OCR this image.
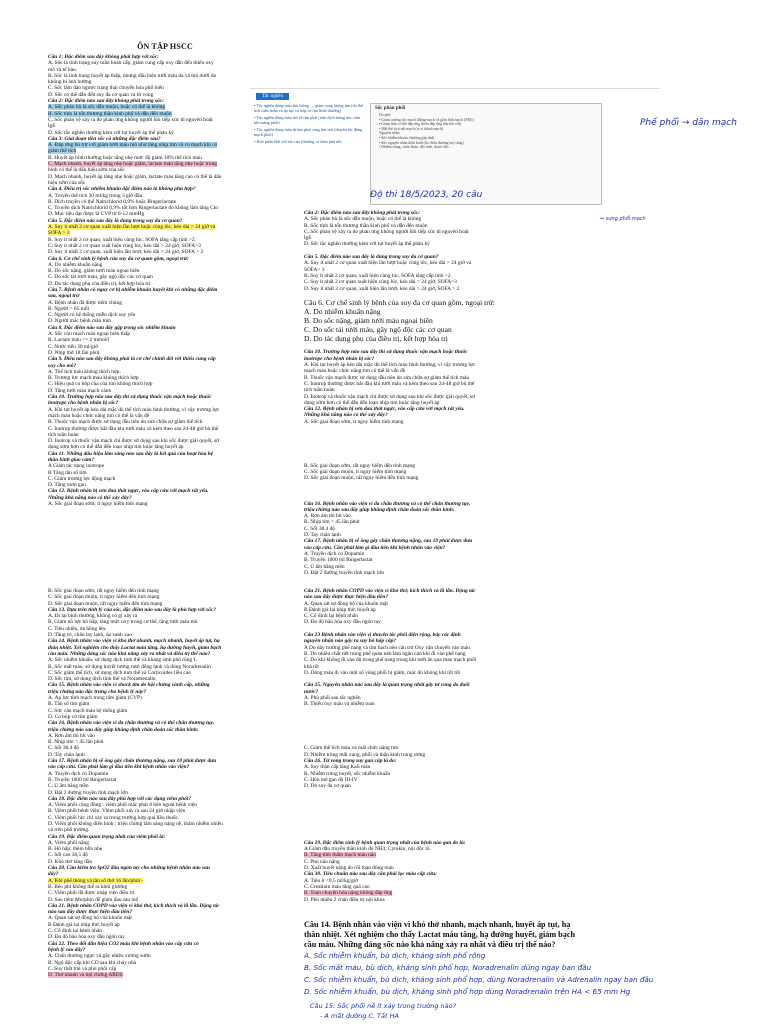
ÔN TẬP HSCC
Câu 1: Đặc điểm sau đây không phải hợp với sốc:
A. Sốc là tình trạng suy tuần hoàn cấp, giảm cung cấp oxy dẫn đến thiếu oxy
mô và tế bào.
B. Sốc là tình trạng huyết áp thấp, nhưng dấu hiệu tưới máu da và mô dưới da
không bị ảnh hưởng
C. Sốc làm đảo ngược trạng thái chuyển hóa phổ biến
D. Sốc có thể dẫn đến suy đa cơ quan và tử vong
Câu 2: Đặc điểm nào sau đây không phải trong sốc:
A. Sốc phản bù là sốc dẫn muộn, hoặc có thể là không
B. Sốc tính là tổn thương thần kinh phổ và dẫn đến muộn
C. Sốc phản vệ xảy ra do phản ứng không người khi tiếp xúc dị nguyên hoặc
lgE
D. Sốc tắc nghẽn thường kèm với tụt huyết áp thể phân kỳ
Câu 3: Giai đoạn tiền sốc có những đặc điểm sau?
A. Đáp ứng bù trừ với giảm tưới máu mô như tăng nhịp tim và co mạch khi có
giảm thể tích
B. Huyết áp bình thường hoặc tăng nhẹ mức độ giảm 10% thể tích máu
C. Mạch nhanh, huyết áp tăng nhẹ hoặc giảm, lactate máu tăng nhẹ hoặc trung
bình có thể là dấu hiệu sớm của sốc
D. Mạch nhanh, huyết áp tăng nhẹ hoặc giảm, lactate máu tăng cao có thể là dấu
hiệu sớm của sốc
Câu 4. Điều trị sốc nhiễm khuẩn đặc điểm nào là không phù hợp?
A. Truyền thể tích 30 ml/kg trong 3 giờ đầu
B. Dịch truyền có thể Natrichlorid 0,9% hoặc Ringerlactate
C. Truyền dịch Natrichlorid 0,9% tốt hơn Ringerlactate do không làm tăng Clo
D. Mục tiêu đạt được là CVP từ 8-12 mmHg
Câu 5. Đặc điểm nào sau đây là đúng trong suy đa cơ quan?
A. Suy ít nhất 2 cơ quan xuất hiện lần lượt hoặc cùng lúc, kéo dài > 24 giờ và
SOFA > 3
B. Suy ít nhất 2 cơ quan, xuất hiện cùng lúc, SOFA tăng cấp tính >2.
C. Suy ít nhất 2 cơ quan xuất hiện cùng lúc, kéo dài > 24 giờ, SOFA>3
D. Suy ít nhất 2 cơ quan, xuất hiện lần lượt, kéo dài > 24 giờ, SOFA > 2
Câu 6. Cơ chế sinh lý bệnh của suy đa cơ quan gồm, ngoại trừ:
A. Do nhiễm khuẩn nặng
B. Do sốc nặng, giảm tưới máu ngoại biên
C. Do sốc tái tưới máu, gây ngộ độc các cơ quan
D. Do tác dụng phụ của điều trị, kết hợp hóa trị
Câu 7. Bệnh nhân có nguy cơ bị nhiễm khuẩn huyết khi có những đặc điểm
sau, ngoại trừ
A. Bệnh nhân đã được tiêm chủng
B. Người > 65 tuổi
C. Người có hệ thống miễn dịch suy yếu
D. Người mắc bệnh mãn tính
Câu 8. Đặc điểm nào sau đây gặp trong sốc nhiễm khuẩn
A. Sốc còn mạch máu ngoại biên thấp
B. Lactate máu >= 2 mmol/l
C. Nước tiểu 30 ml/giờ
D. Nhịp thở 18 lần phút
Câu 9. Điều nào sau đây không phải là cơ chế chính đối với thiếu cung cấp
oxy cho mô?
A. Thể tích máu không thích hợp.
B. Trương lực mạch máu không thích hợp
C. Hiệu quả co bóp của của tim không thích hợp
D. Tăng tưới máu mạch vành
Câu 10. Trường hợp nào sau đây thì sử dụng thuốc vận mạch hoặc thuốc
inotrope cho bệnh nhân bị sốc?
A. Khi tụt huyết áp kéo dài mặc dù thể tích máu bình thường, vì vậy trương lực
mạch máu hoặc chức năng tim có thể là vấn đề
B. Thuốc vận mạch được sử dụng đầu tiên do sửa chữa sự giảm thể tích
C. Inotrop thường được bắt đầu khi tưới máu và kèm theo sau 24-48 giờ bù thể
tích tuần hoàn
D. Inotrop và thuốc vận mạch chỉ được sử dụng sau khi sốc được giải quyết, sử
dụng sớm hơn có thể dẫn đến loạn nhịp tim hoặc tăng huyết áp
Câu 11. Những dấu hiệu lâm sàng nào sau đây là kết quả của hoạt hóa hệ
thần kinh giao cảm?
A Giảm tác dụng inotrope
B Tăng tần số tim
C. Giảm trương lực động mạch
D. Tăng mơn gan
Câu 12. Bệnh nhân bị sơn đau thắt ngực, vào cấp cứu với mạch rất yếu.
Những khả năng nào có thể xảy đây?
A. Sốc giai đoạn sớm, ít nguy hiểm tính mạng
Tắc nghẽn
• Tắc nghẽn dòng máu lưu thông → giảm cung lượng tim (do thể tích tuần hoàn và áp lực co bóp cơ tim bình thường)
• Tắc nghẽn dòng máu trở về tim phải (tràn dịch màng tim, tràn khí màng phổi)
• Tắc nghẽn dòng máu từ tim phải sang tim trái (thuyên tắc động mạch phổi)
• Khó phân biệt với sốc tim (thường có kèm phù nề)
Sốc phân phối
Do phế:
• Giảm trương lực mạch (động mạch và giãn tĩnh mạch (NM))
• Giảm tính cơ thể đáp ứng (kém đáp ứng hầu hết với)
• Mất thể tích nội mạch (rò rỉ thành mạch)
Nguyên nhân:
• Sốc nhiễm khuẩn, thường gặp nhất
• Sốc nguyên nhân thần kinh (do chấn thương tuỷ sống)
• Nhiễm trùng, chẩn đoán, độc tính, thuốc độc…
Phế phổi → dãn mạch
Độ thi 18/5/2023, 20 câu
↔ sưng phổi mạch
Câu 2: Đặc điểm nào sau đây không phải trong sốc:
A. Sốc phản bù là sốc dẫn muộn, hoặc có thể là không
B. Sốc tính là tổn thương thần kinh phổ và dẫn đến muộn
C. Sốc phản vệ xảy ra do phản ứng không người khi tiếp xúc dị nguyên hoặc
lgE
D. Sốc tắc nghẽn thường kèm với tụt huyết áp thể phân kỳ

Câu 5. Đặc điểm nào sau đây là đúng trong suy đa cơ quan?
A. Suy ít nhất 2 cơ quan xuất hiện lần lượt hoặc cùng lúc, kéo dài > 24 giờ và
SOFA> 3
B. Suy ít nhất 2 cơ quan, xuất hiện cùng lúc, SOFA tăng cấp tính >2.
C. Suy ít nhất 2 cơ quan xuất hiện cùng lúc, kéo dài > 24 giờ, SOFA>3
D. Suy ít nhất 2 cơ quan, xuất hiện lần lượt, kéo dài > 24 giờ, SOFA > 2

Câu 6. Cơ chế sinh lý bệnh của suy đa cơ quan gồm, ngoại trừ:
A. Do nhiễm khuẩn nặng
B. Do sốc nặng, giảm tưới máu ngoại biên
C. Do sốc tái tưới máu, gây ngộ độc các cơ quan
D. Do tác dụng phụ của điều trị, kết hợp hóa trị

Câu 10. Trường hợp nào sau đây thì sử dụng thuốc vận mạch hoặc thuốc
inotrope cho bệnh nhân bị sốc?
A. Khi tụt huyết áp kéo dài mặc dù thể tích máu bình thường, vì vậy trương lực
mạch máu hoặc chức năng tim có thể là vấn đề
B. Thuốc vận mạch được sử dụng đầu tiên do sửa chữa sự giảm thể tích máu
C. Inotrop thường được bắt đầu khi tưới máu và kèm theo sau 24-48 giờ bù thể
tích tuần hoàn
D. Inotrop và thuốc vận mạch chỉ được sử dụng sau khi sốc được giải quyết, sử
dụng sớm hơn có thể dẫn đến loạn nhịp tim hoặc tăng huyết áp
Câu 12. Bệnh nhân bị sơn đau thắt ngực, vào cấp cứu với mạch rất yếu.
Những khả năng nào có thể xảy đây?
A. Sốc giai đoạn sớm, ít nguy hiểm tính mạng

B. Sốc giai đoạn sớm, rất nguy hiểm đến tính mạng
C. Sốc giai đoạn muộn, ít nguy hiểm tính mạng
D. Sốc giai đoạn muộn, rất nguy hiểm đến tính mạng

Câu 16. Bệnh nhân vào viện vì đa chấn thương và có thể chấn thương tụy,
triệu chứng nào sau đây giúp khẳng định chẩn đoán sốc thần kinh:
A. Rơn âm thì hít vào
B. Nhịp tim < 45 lần phút
C. Sốt 38,4 độ
D. Tay chân lạnh
Câu 17. Bệnh nhân bị sẽ ông gây chấn thương nặng, sau 10 phút được đưa
vào cấp cứu. Cần phải làm gì đầu tiên khi bệnh nhân vào viện?
A. Truyền dịch có Dopamin
B. Truyền 1000 ml Ringerlactat
C. Ủ ấm bằng mền
D. Đặt 2 đường truyền tĩnh mạch lớn
B. Sốc giai đoạn sớm, rất nguy hiểm đến tính mạng
C. Sốc giai đoạn muộn, ít nguy hiểm đến tính mạng
D. Sốc giai đoạn muộn, rất nguy hiểm đến tính mạng
Câu 13. Dựa trên tính lý của sốc, đặc điểm nào sau đây là phù hợp với sốc?
A. Đi lại bình thường, không có gì xảy ra
B, Giảm nồ lực hô hấp, tăng mức oxy trong cơ thể, tăng tưới máu mô
C. Tiêu nhiều, da hồng lên.
D. Tăng tri, chân tay lạnh, da xanh xao
Câu 14. Bệnh nhân vào viện vì khó thở nhanh, mạch nhanh, huyết áp tụt, hạ
thân nhiệt. Xét nghiệm cho thấy Lactat máu tăng, hạ đường huyết, giảm bạch
cầu máu. Những đáng sốc nào khả năng xảy ra nhất và điều trị thế nào?
A. Sốc nhiễm khuẩn, sử dụng dịch tinh thể và kháng sinh phổ rộng L
B, Sốc mất máu, sử dụng huyết tương tươi đông lạnh và dùng Noradrenalin
C. Sốc giảm thể tích, sử dụng dịch tinh thể và Corticoides liều cao
D. Sốc tim, sử dụng dịch tinh thể và Noradrenalin
Câu 15. Bệnh nhân vào viện vì shock tim do hội chứng vành cấp, những
triệu chứng nào đặc trưng cho bệnh lý này?
A. Áp lực tĩnh mạch trung tâm giảm (CVP)
B. Tần số tim giảm
C. Sức cản mạch máu hệ thống giảm
D. Co bóp cơ tim giảm
Câu 16. Bệnh nhân vào viện vì đa chấn thương và có thể chấn thương tụy,
triệu chứng nào sau đây giúp khẳng định chẩn đoán sốc thần kinh:
A. Rơn âm thì hít vào
B. Nhịp tim < 45 lần phút
C. Sốt 38,4 độ
D. Tay chân lạnh
Câu 17. Bệnh nhân bị sẽ ông gây chấn thương nặng, sau 10 phút được đưa
vào cấp cứu. Cần phải làm gì đầu tiên khi bệnh nhân vào viện?
A. Truyền dịch có Dopamin
B. Truyền 1000 ml Ringerlactat
C. Ủ ấm bằng mền
D. Đặt 2 đường truyền tĩnh mạch lớn
Câu 18. Đặc điểm nào sau đây phù hợp với các dạng viêm phổi?
A. Viêm phổi cộng đồng : viêm phổi mắc phải ở bên ngoài bệnh viện
B. Viêm phổi bệnh viện: Viêm phổi xảy ra sau 24 giờ nhập viện
C. Viêm phổi hít: chỉ xảy ra trong trường hợp quá liều thuốc.
D. Viêm phổi không điển hình : triệu chứng lâm sàng nặng nề, thâm nhiễm nhiều
và trên phổ trường.
Câu 19. Đặc điểm quan trọng nhất của viêm phổi là:
A. Viêm phổi nặng
B. Hô hấp: thêm hỗn nhẹ
C. Sốt cao 38,5 độ
D. Khó thở tăng dần
Câu 20. Cần kiểm tra SpO2 đầu ngón tay cho những bệnh nhân nào sau
đây?
A. Khi phế thông và tần số thở 16 lần/phút -
B. Béo phì không thể ra khỏi giường
C. Viêm phổi đã được nhập viện điều trị
D. Sau tiêm Morphin để giảm đau sau mổ
Câu 21. Bệnh nhân COPD vào viện vì khó thở, kích thích và lẫ lẫn. Động tác
nào sau đây được thực hiện đầu tiên?
A. Quan sát sự đồng bộ của khuôn mặt
B Đánh giá lại nhịp thở, huyết áp
C. Cố định lại bệnh nhân
D. Đo độ bão hòa oxy đầu ngón tay
Câu 22. Theo dõi dẫn hiệu CO2 máu khi bệnh nhân vào cấp cứu có
bệnh lý sau đây?
A. Chấn thương ngực và gây nhiều xương sườn
B. Ngộ độc cấp khi CO sau khi cháy nhà
C. Suy thất trái và phù phổi cấp
D. Thở nhanh và hội chứng ARDS
Câu 21. Bệnh nhân COPD vào viện vì khó thở, kích thích và lẫ lẫn. Động tác
nào sau đây được thực hiện đầu tiên?
A. Quan sát sự đồng bộ của khuôn mặt
B Đánh giá lại nhịp thở, huyết áp
C. Cố định lại bệnh nhân
D. Đo độ bão hòa oxy đầu ngón tay

Câu 23 Bệnh nhân vào viện vì thuyên tắc phổi diện rộng, bây các định
nguyên nhân nào gây ra suy hô hấp cấp?
A Do dây trướng phế nang và tim bạch nên cản trở Oxy vận chuyển vào máu
B. Do nhiều chất tiết trong phế quản nên làm ngăn cản khí đi vào phế nang
C. Do khí không đi vào đủ trong phế nang trong khi tưới ăn qua mao mạch phổi
khả tốt
D. Dòng máu đi vào một số vùng phổi bị giảm, mặc dù không khí tốt tốt

Câu 25. Nguyên nhân nào sau đây là quan trọng nhất gây tử vong do đuối
nước?
A. Phù phổi sau tắc nghẽn
B. Thiếu oxy máu và nhiễm toan

C. Giảm thể tích máu và mất chức năng tim
D. Nhiễm trùng mất xung, phổi và thận kinh trung ương
Câu 26. Tử vong trong suy gan cấp là do:
A. Suy thận cấp tăng Kali máu
B. Nhiễm trùng huyết, sốc nhiễm khuẩn
C. Hôn mê gan độ III-IV
D. Do suy đa cơ quan

Câu 29. Đặc điểm sinh lý bệnh quan trọng nhất của bệnh nào gan do là:
A Giảm dẫn truyền thần kinh do NH3, Cytokin, nội độc tố.
B. Tăng tính thấm mạch máu não
C. Phù não nặng
D. Xuất huyết nặng do rối loạn đông máu
Câu 30. Tiêu chuẩn nào sau đây căn phải lọc máu cấp cứu:
A. Tiêu ít <0,5 ml/kg/giờ
C. Creatinin máu tăng quá cao
B. Toan chuyển hóa nặng không đáp ứng
D. Phù nhiều 2 chân điều trị nội khoa
Câu 14. Bệnh nhân vào viện vì khó thở nhanh, mạch nhanh, huyết áp tụt, hạ
thân nhiệt. Xét nghiệm cho thấy Lactat máu tăng, hạ đường huyết, giảm bạch
cầu máu. Những đáng sốc nào khả năng xảy ra nhất và điều trị thế nào?
A. Sốc nhiễm khuẩn, bù dịch, kháng sinh phổ rộng
B. Sốc mất máu, bù dịch, kháng sinh phổ hợp, Noradrenalin dùng ngay ban đầu
C. Sốc nhiễm khuẩn, bù dịch, kháng sinh phổ hợp, dùng Noradrenalin và Adrenalin ngay ban đầu
D. Sốc nhiễm khuẩn, bù dịch, kháng sinh phổ hợp dùng Noradrenalin trên HA < 65 mm Hg
Câu 15: Sốc phổi nề ít xảy trong trường nào?
- A mất dưỡng C. Tắt HA
